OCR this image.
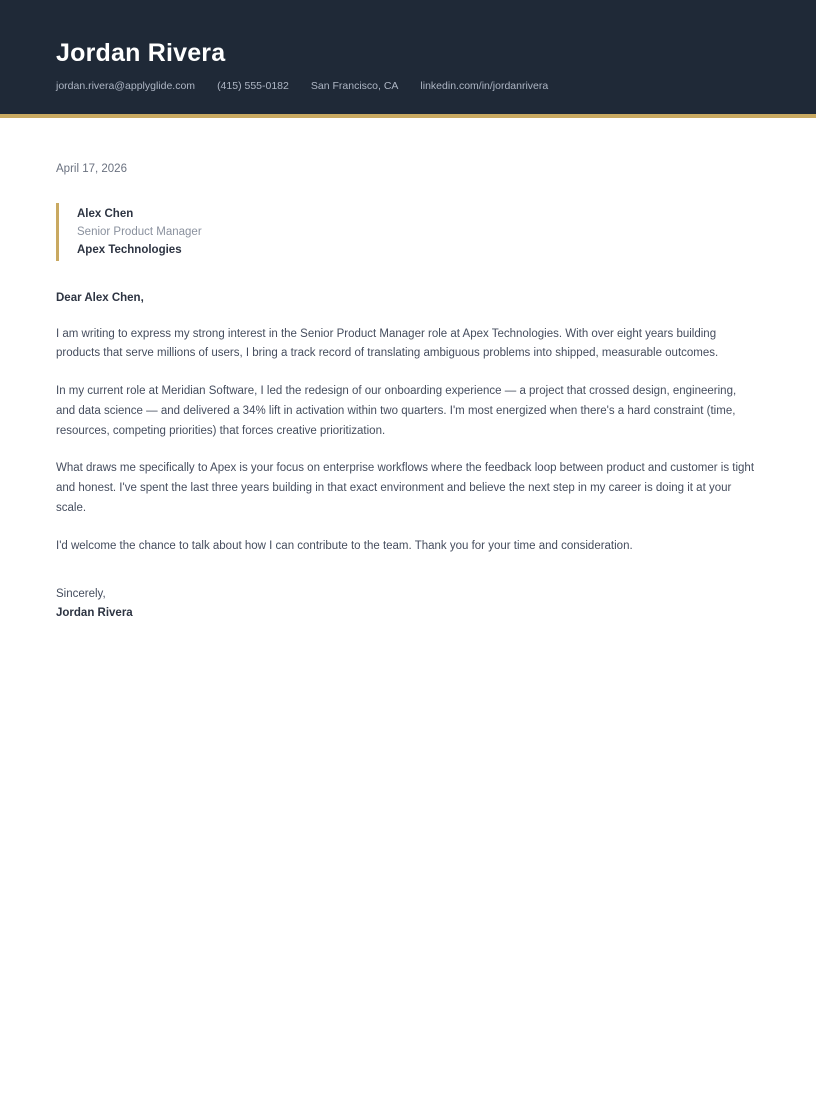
Jordan Rivera
jordan.rivera@applyglide.com (415) 555-0182 San Francisco, CA linkedin.com/in/jordanrivera
April 17, 2026
Alex Chen
Senior Product Manager
Apex Technologies
Dear Alex Chen,

I am writing to express my strong interest in the Senior Product Manager role at Apex Technologies. With over eight years building products that serve millions of users, I bring a track record of translating ambiguous problems into shipped, measurable outcomes.

In my current role at Meridian Software, I led the redesign of our onboarding experience — a project that crossed design, engineering, and data science — and delivered a 34% lift in activation within two quarters. I'm most energized when there's a hard constraint (time, resources, competing priorities) that forces creative prioritization.

What draws me specifically to Apex is your focus on enterprise workflows where the feedback loop between product and customer is tight and honest. I've spent the last three years building in that exact environment and believe the next step in my career is doing it at your scale.

I'd welcome the chance to talk about how I can contribute to the team. Thank you for your time and consideration.

Sincerely,
Jordan Rivera
